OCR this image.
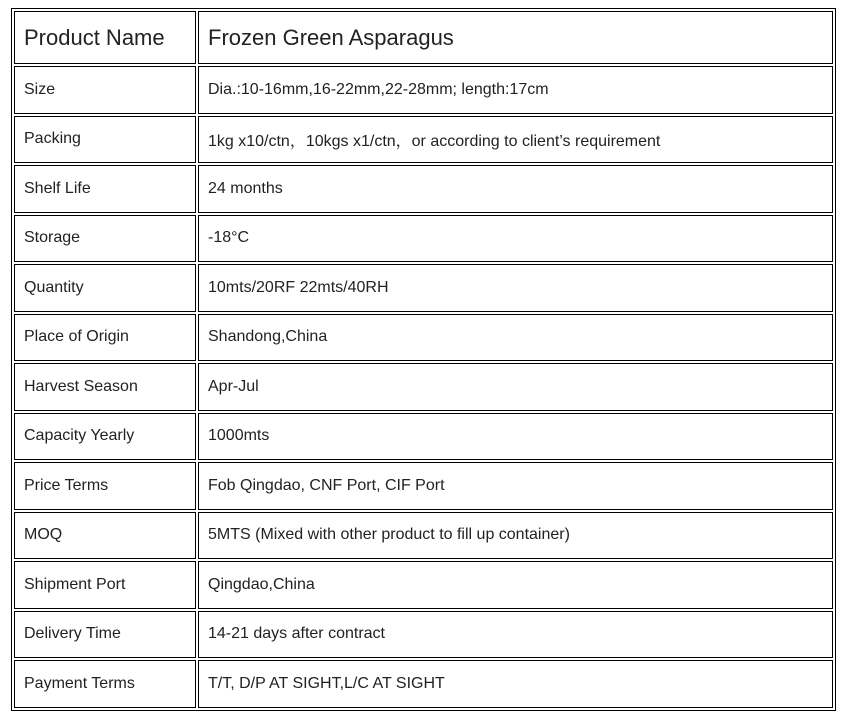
Product Name	Frozen Green Asparagus
Size	Dia.:10-16mm,16-22mm,22-28mm; length:17cm
Packing	1kg x10/ctn，10kgs x1/ctn，or according to client’s requirement
Shelf Life	24 months
Storage	-18°C
Quantity	10mts/20RF 22mts/40RH
Place of Origin	Shandong,China
Harvest Season	Apr-Jul
Capacity Yearly	1000mts
Price Terms	Fob Qingdao, CNF Port, CIF Port
MOQ	5MTS (Mixed with other product to fill up container)
Shipment Port	Qingdao,China
Delivery Time	14-21 days after contract
Payment Terms	T/T, D/P AT SIGHT,L/C AT SIGHT
